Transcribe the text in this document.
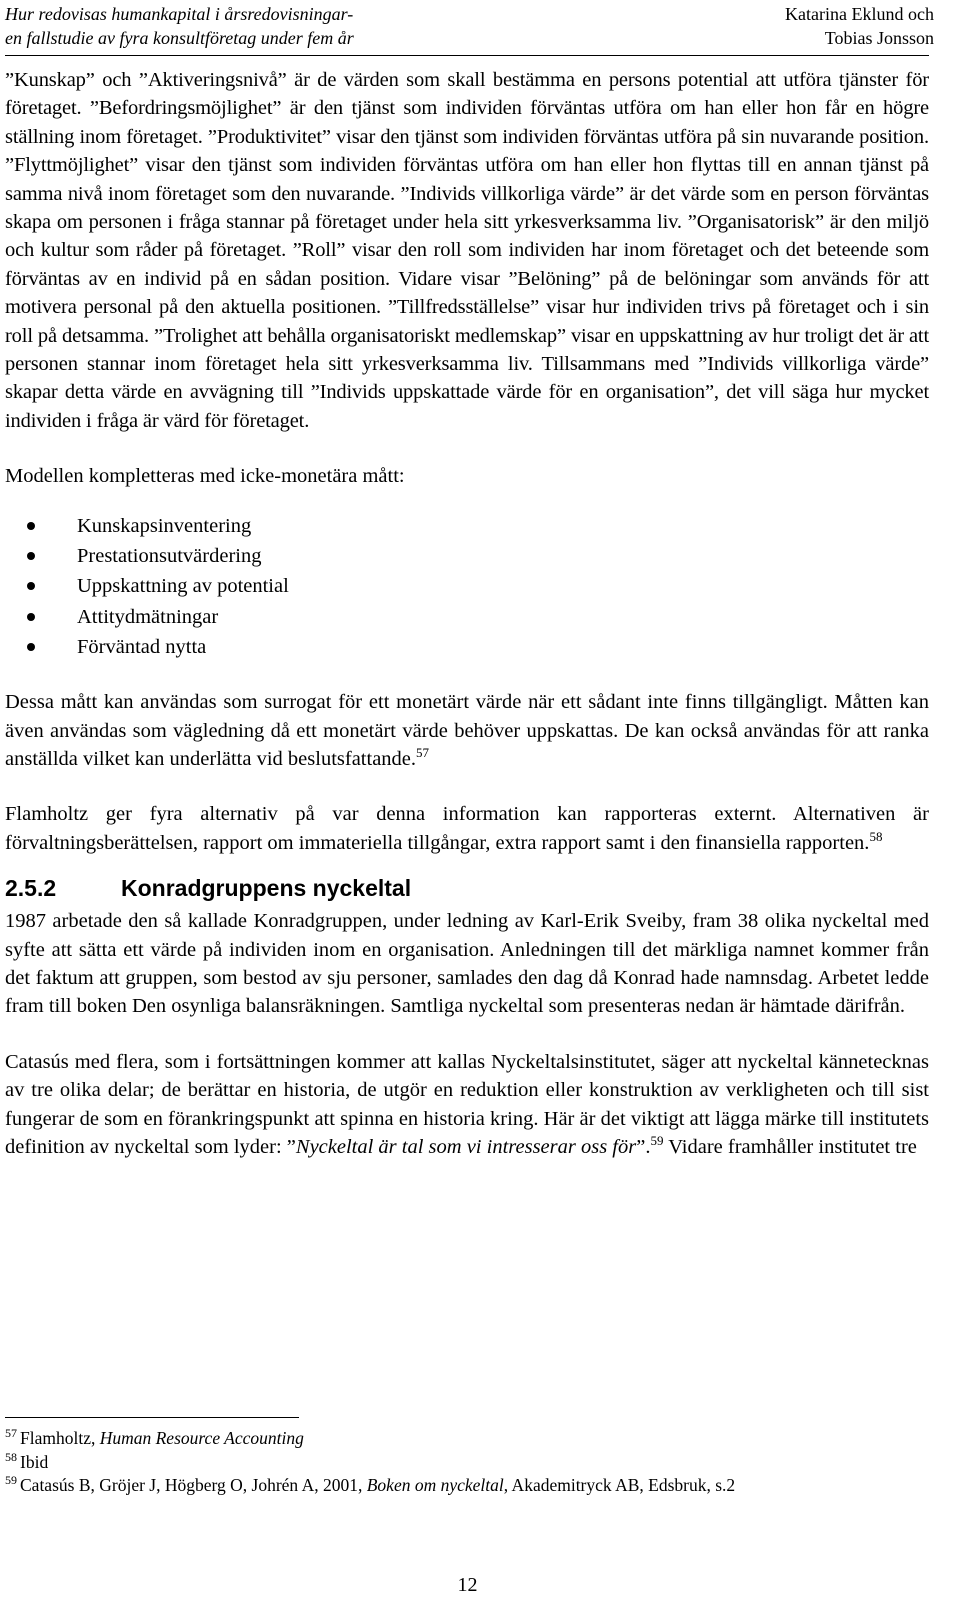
Hur redovisas humankapital i årsredovisningar-
en fallstudie av fyra konsultföretag under fem år
Katarina Eklund och
Tobias Jonsson

”Kunskap” och ”Aktiveringsnivå” är de värden som skall bestämma en persons potential att utföra tjänster för företaget. ”Befordringsmöjlighet” är den tjänst som individen förväntas utföra om han eller hon får en högre ställning inom företaget. ”Produktivitet” visar den tjänst som individen förväntas utföra på sin nuvarande position. ”Flyttmöjlighet” visar den tjänst som individen förväntas utföra om han eller hon flyttas till en annan tjänst på samma nivå inom företaget som den nuvarande. ”Individs villkorliga värde” är det värde som en person förväntas skapa om personen i fråga stannar på företaget under hela sitt yrkesverksamma liv. ”Organisatorisk” är den miljö och kultur som råder på företaget. ”Roll” visar den roll som individen har inom företaget och det beteende som förväntas av en individ på en sådan position. Vidare visar ”Belöning” på de belöningar som används för att motivera personal på den aktuella positionen. ”Tillfredsställelse” visar hur individen trivs på företaget och i sin roll på detsamma. ”Trolighet att behålla organisatoriskt medlemskap” visar en uppskattning av hur troligt det är att personen stannar inom företaget hela sitt yrkesverksamma liv. Tillsammans med ”Individs villkorliga värde” skapar detta värde en avvägning till ”Individs uppskattade värde för en organisation”, det vill säga hur mycket individen i fråga är värd för företaget.

Modellen kompletteras med icke-monetära mått:

Kunskapsinventering
Prestationsutvärdering
Uppskattning av potential
Attitydmätningar
Förväntad nytta

Dessa mått kan användas som surrogat för ett monetärt värde när ett sådant inte finns tillgängligt. Måtten kan även användas som vägledning då ett monetärt värde behöver uppskattas. De kan också användas för att ranka anställda vilket kan underlätta vid beslutsfattande.$^{57}$

Flamholtz ger fyra alternativ på var denna information kan rapporteras externt. Alternativen är förvaltningsberättelsen, rapport om immateriella tillgångar, extra rapport samt i den finansiella rapporten.$^{58}$

2.5.2	Konradgruppens nyckeltal

1987 arbetade den så kallade Konradgruppen, under ledning av Karl-Erik Sveiby, fram 38 olika nyckeltal med syfte att sätta ett värde på individen inom en organisation. Anledningen till det märkliga namnet kommer från det faktum att gruppen, som bestod av sju personer, samlades den dag då Konrad hade namnsdag. Arbetet ledde fram till boken Den osynliga balansräkningen. Samtliga nyckeltal som presenteras nedan är hämtade därifrån.

Catasús med flera, som i fortsättningen kommer att kallas Nyckeltalsinstitutet, säger att nyckeltal kännetecknas av tre olika delar; de berättar en historia, de utgör en reduktion eller konstruktion av verkligheten och till sist fungerar de som en förankringspunkt att spinna en historia kring. Här är det viktigt att lägga märke till institutets definition av nyckeltal som lyder: ”Nyckeltal är tal som vi intresserar oss för”.$^{59}$ Vidare framhåller institutet tre

$^{57}$ Flamholtz, Human Resource Accounting

$^{58}$ Ibid

$^{59}$ Catasús B, Gröjer J, Högberg O, Johrén A, 2001, Boken om nyckeltal, Akademitryck AB, Edsbruk, s.2

12
